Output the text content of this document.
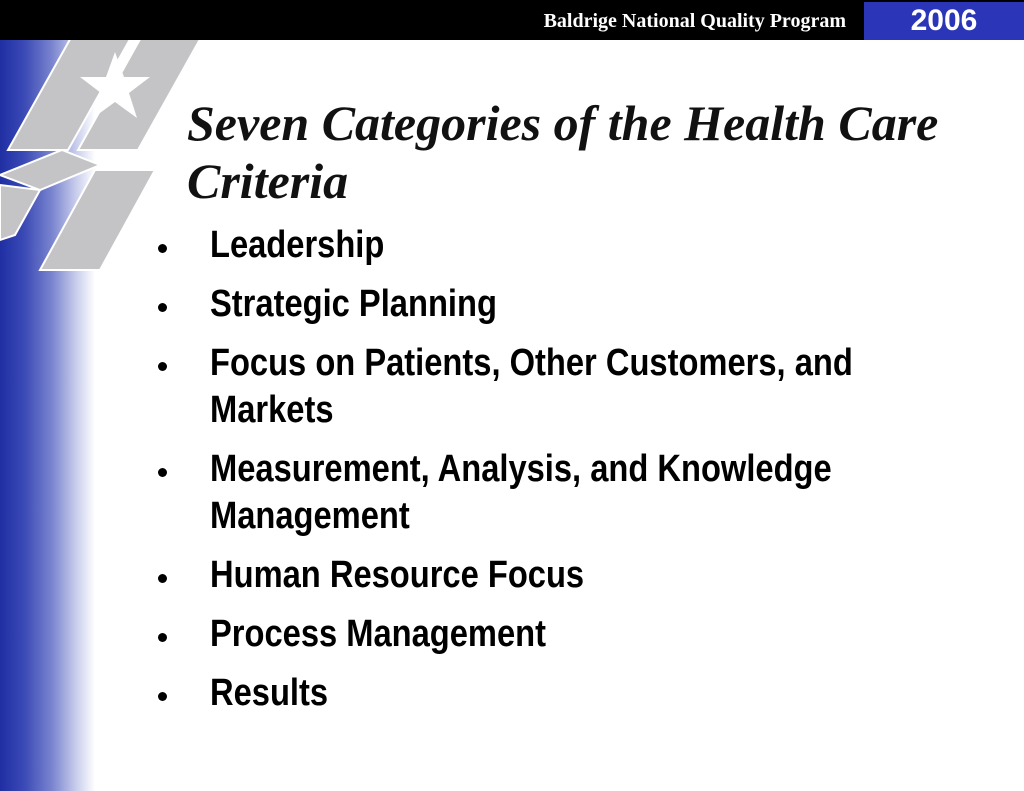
Baldrige National Quality Program	2006
Seven Categories of the Health Care Criteria
Leadership
Strategic Planning
Focus on Patients, Other Customers, and Markets
Measurement, Analysis, and Knowledge Management
Human Resource Focus
Process Management
Results
